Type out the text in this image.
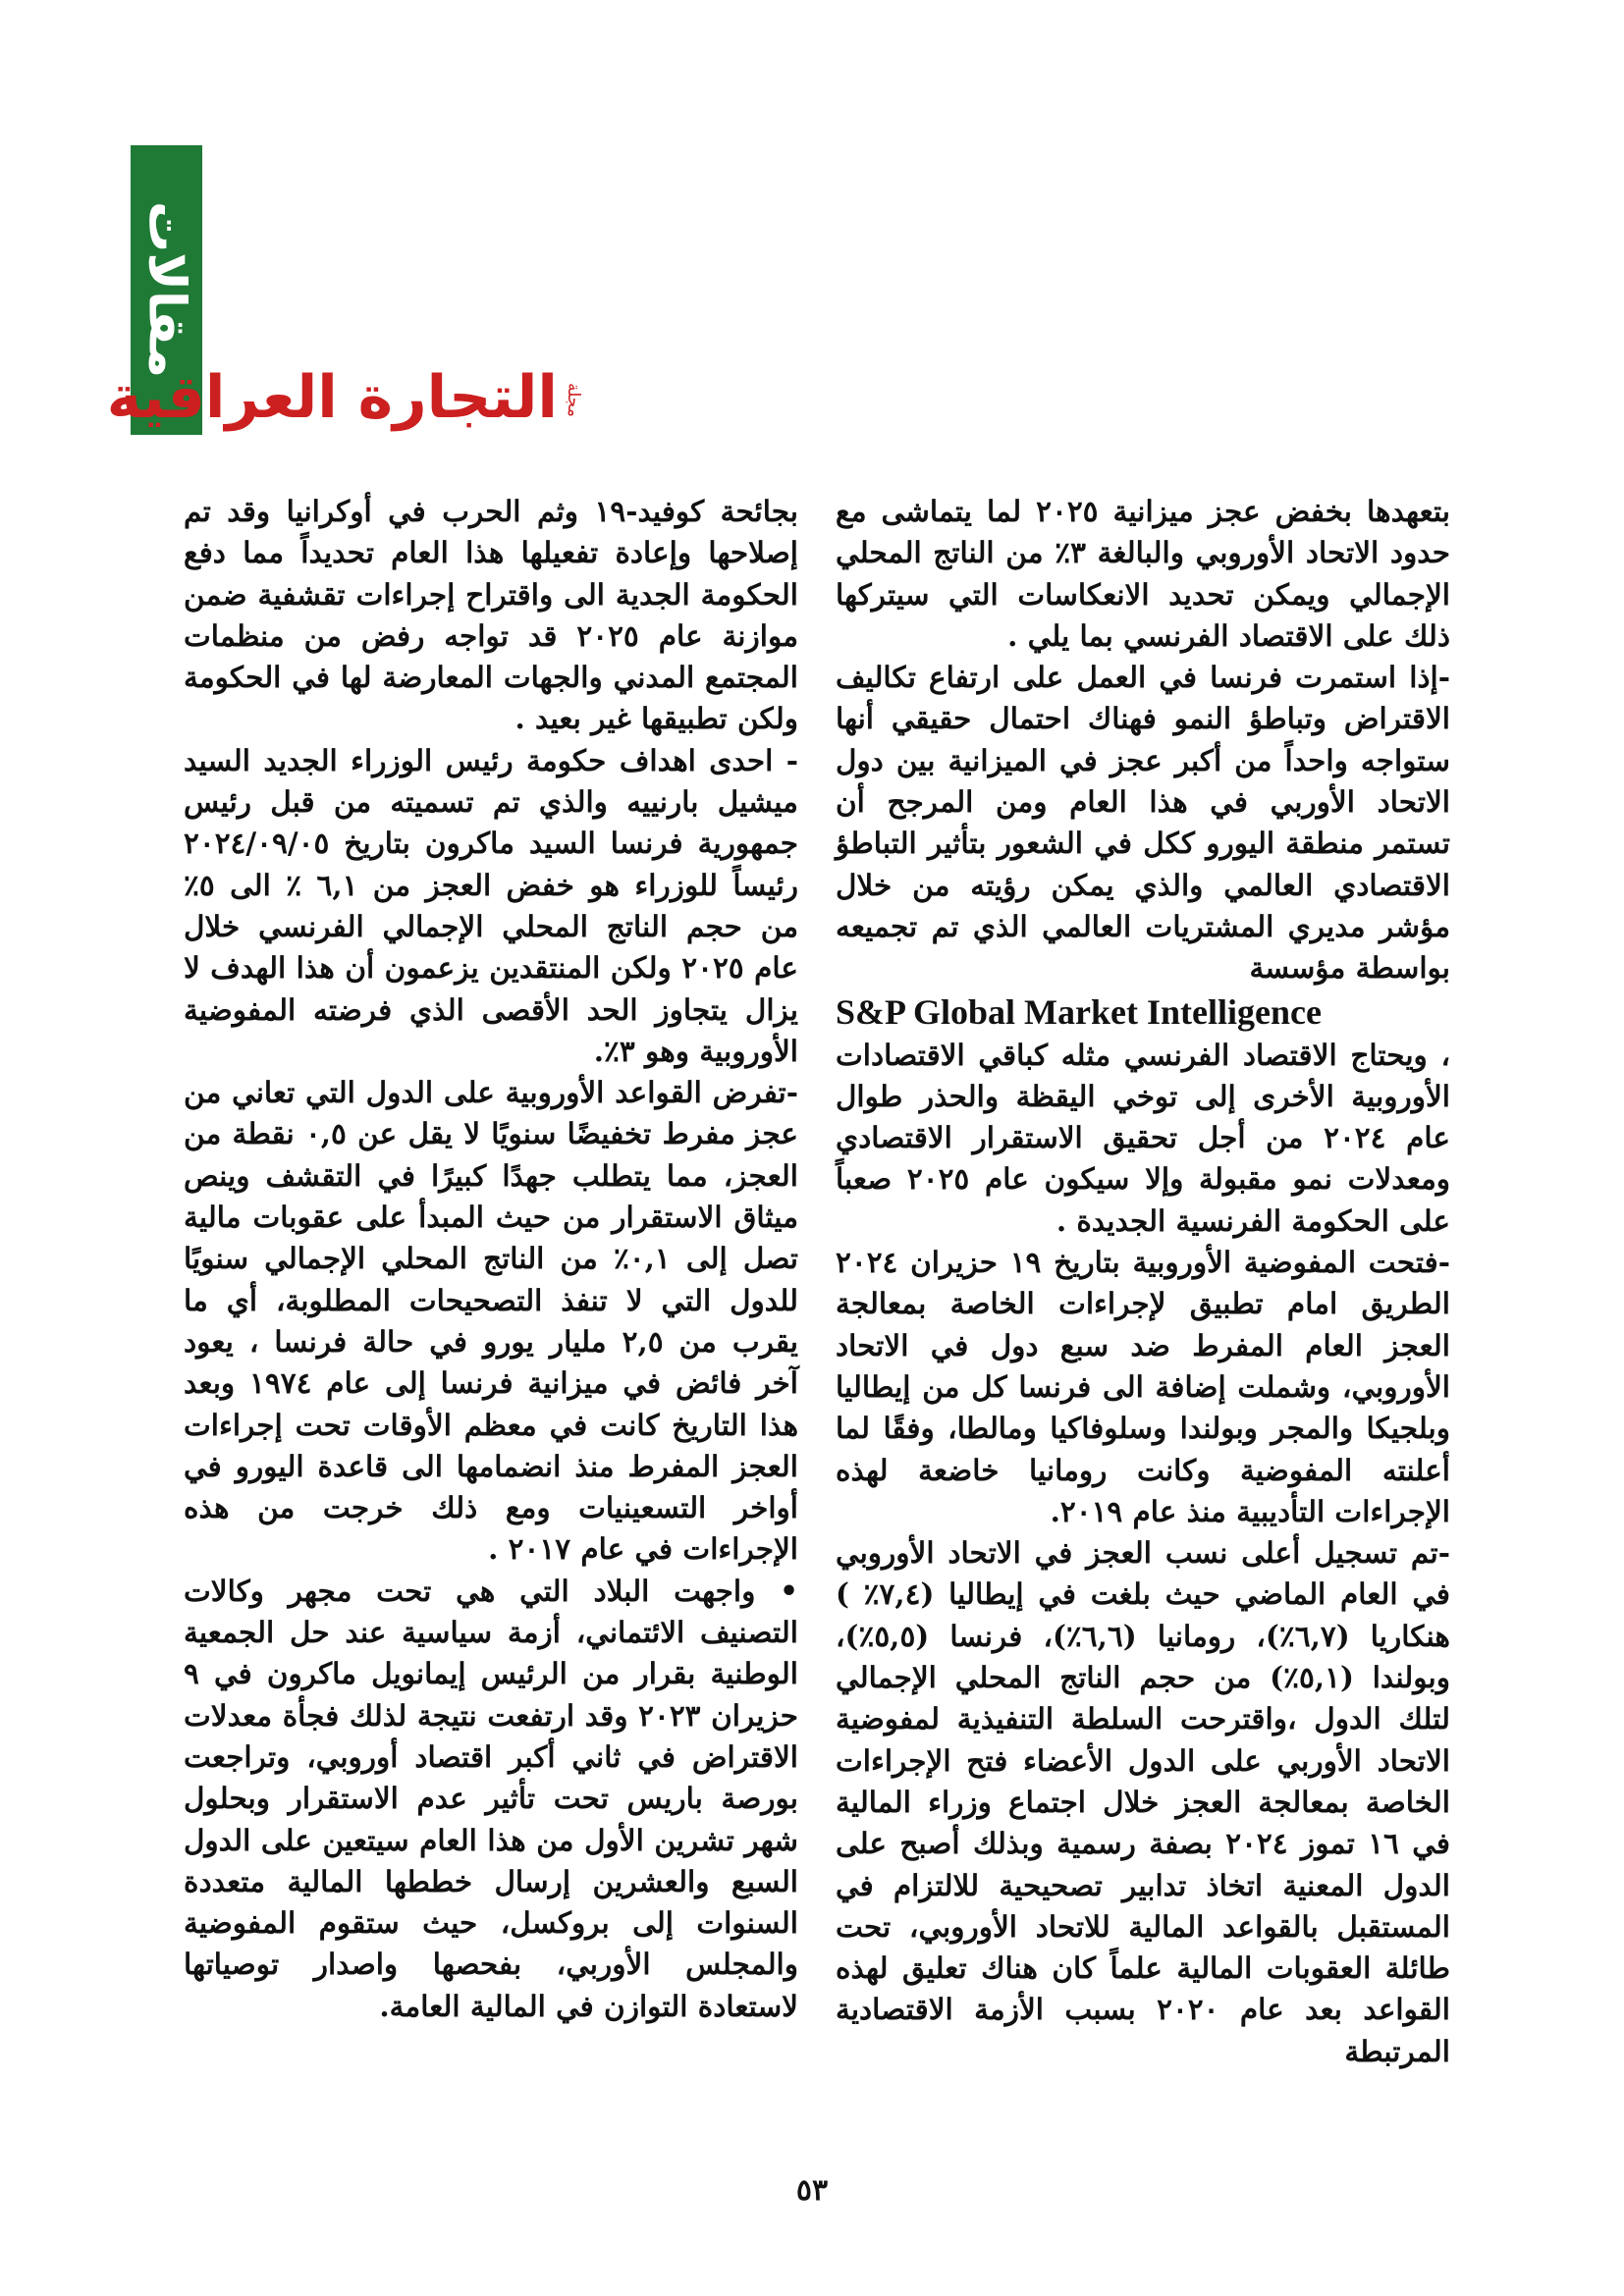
مقالات
مجلة
التجارة العراقية

بتعهدها بخفض عجز ميزانية ٢٠٢٥ لما يتماشى مع حدود الاتحاد الأوروبي والبالغة ٣٪ من الناتج المحلي الإجمالي ويمكن تحديد الانعكاسات التي سيتركها ذلك على الاقتصاد الفرنسي بما يلي .

-إذا استمرت فرنسا في العمل على ارتفاع تكاليف الاقتراض وتباطؤ النمو فهناك احتمال حقيقي أنها ستواجه واحداً من أكبر عجز في الميزانية بين دول الاتحاد الأوربي في هذا العام ومن المرجح أن تستمر منطقة اليورو ككل في الشعور بتأثير التباطؤ الاقتصادي العالمي والذي يمكن رؤيته من خلال مؤشر مديري المشتريات العالمي الذي تم تجميعه بواسطة مؤسسة

S&P Global Market Intelligence

، ويحتاج الاقتصاد الفرنسي مثله كباقي الاقتصادات الأوروبية الأخرى إلى توخي اليقظة والحذر طوال عام ٢٠٢٤ من أجل تحقيق الاستقرار الاقتصادي ومعدلات نمو مقبولة وإلا سيكون عام ٢٠٢٥ صعباً على الحكومة الفرنسية الجديدة .

-فتحت المفوضية الأوروبية بتاريخ ١٩ حزيران ٢٠٢٤ الطريق امام تطبيق لإجراءات الخاصة بمعالجة العجز العام المفرط ضد سبع دول في الاتحاد الأوروبي، وشملت إضافة الى فرنسا كل من إيطاليا وبلجيكا والمجر وبولندا وسلوفاكيا ومالطا، وفقًا لما أعلنته المفوضية وكانت رومانيا خاضعة لهذه الإجراءات التأديبية منذ عام ٢٠١٩.

-تم تسجيل أعلى نسب العجز في الاتحاد الأوروبي في العام الماضي حيث بلغت في إيطاليا (٧,٤٪ ) هنكاريا (٦,٧٪)، رومانيا (٦,٦٪)، فرنسا (٥,٥٪)، وبولندا (٥,١٪) من حجم الناتج المحلي الإجمالي لتلك الدول ،واقترحت السلطة التنفيذية لمفوضية الاتحاد الأوربي على الدول الأعضاء فتح الإجراءات الخاصة بمعالجة العجز خلال اجتماع وزراء المالية في ١٦ تموز ٢٠٢٤ بصفة رسمية وبذلك أصبح على الدول المعنية اتخاذ تدابير تصحيحية للالتزام في المستقبل بالقواعد المالية للاتحاد الأوروبي، تحت طائلة العقوبات المالية علماً كان هناك تعليق لهذه القواعد بعد عام ٢٠٢٠ بسبب الأزمة الاقتصادية المرتبطة

بجائحة كوفيد-١٩ وثم الحرب في أوكرانيا وقد تم إصلاحها وإعادة تفعيلها هذا العام تحديداً مما دفع الحكومة الجدية الى واقتراح إجراءات تقشفية ضمن موازنة عام ٢٠٢٥ قد تواجه رفض من منظمات المجتمع المدني والجهات المعارضة لها في الحكومة ولكن تطبيقها غير بعيد .

- احدى اهداف حكومة رئيس الوزراء الجديد السيد ميشيل بارنييه والذي تم تسميته من قبل رئيس جمهورية فرنسا السيد ماكرون بتاريخ ٢٠٢٤/٠٩/٠٥ رئيساً للوزراء هو خفض العجز من ٦,١ ٪ الى ٥٪ من حجم الناتج المحلي الإجمالي الفرنسي خلال عام ٢٠٢٥ ولكن المنتقدين يزعمون أن هذا الهدف لا يزال يتجاوز الحد الأقصى الذي فرضته المفوضية الأوروبية وهو ٣٪.

-تفرض القواعد الأوروبية على الدول التي تعاني من عجز مفرط تخفيضًا سنويًا لا يقل عن ٠,٥ نقطة من العجز، مما يتطلب جهدًا كبيرًا في التقشف وينص ميثاق الاستقرار من حيث المبدأ على عقوبات مالية تصل إلى ٠,١٪ من الناتج المحلي الإجمالي سنويًا للدول التي لا تنفذ التصحيحات المطلوبة، أي ما يقرب من ٢,٥ مليار يورو في حالة فرنسا ، يعود آخر فائض في ميزانية فرنسا إلى عام ١٩٧٤ وبعد هذا التاريخ كانت في معظم الأوقات تحت إجراءات العجز المفرط منذ انضمامها الى قاعدة اليورو في أواخر التسعينيات ومع ذلك خرجت من هذه الإجراءات في عام ٢٠١٧ .

• واجهت البلاد التي هي تحت مجهر وكالات التصنيف الائتماني، أزمة سياسية عند حل الجمعية الوطنية بقرار من الرئيس إيمانويل ماكرون في ٩ حزيران ٢٠٢٣ وقد ارتفعت نتيجة لذلك فجأة معدلات الاقتراض في ثاني أكبر اقتصاد أوروبي، وتراجعت بورصة باريس تحت تأثير عدم الاستقرار وبحلول شهر تشرين الأول من هذا العام سيتعين على الدول السبع والعشرين إرسال خططها المالية متعددة السنوات إلى بروكسل، حيث ستقوم المفوضية والمجلس الأوربي، بفحصها واصدار توصياتها لاستعادة التوازن في المالية العامة.

٥٣
